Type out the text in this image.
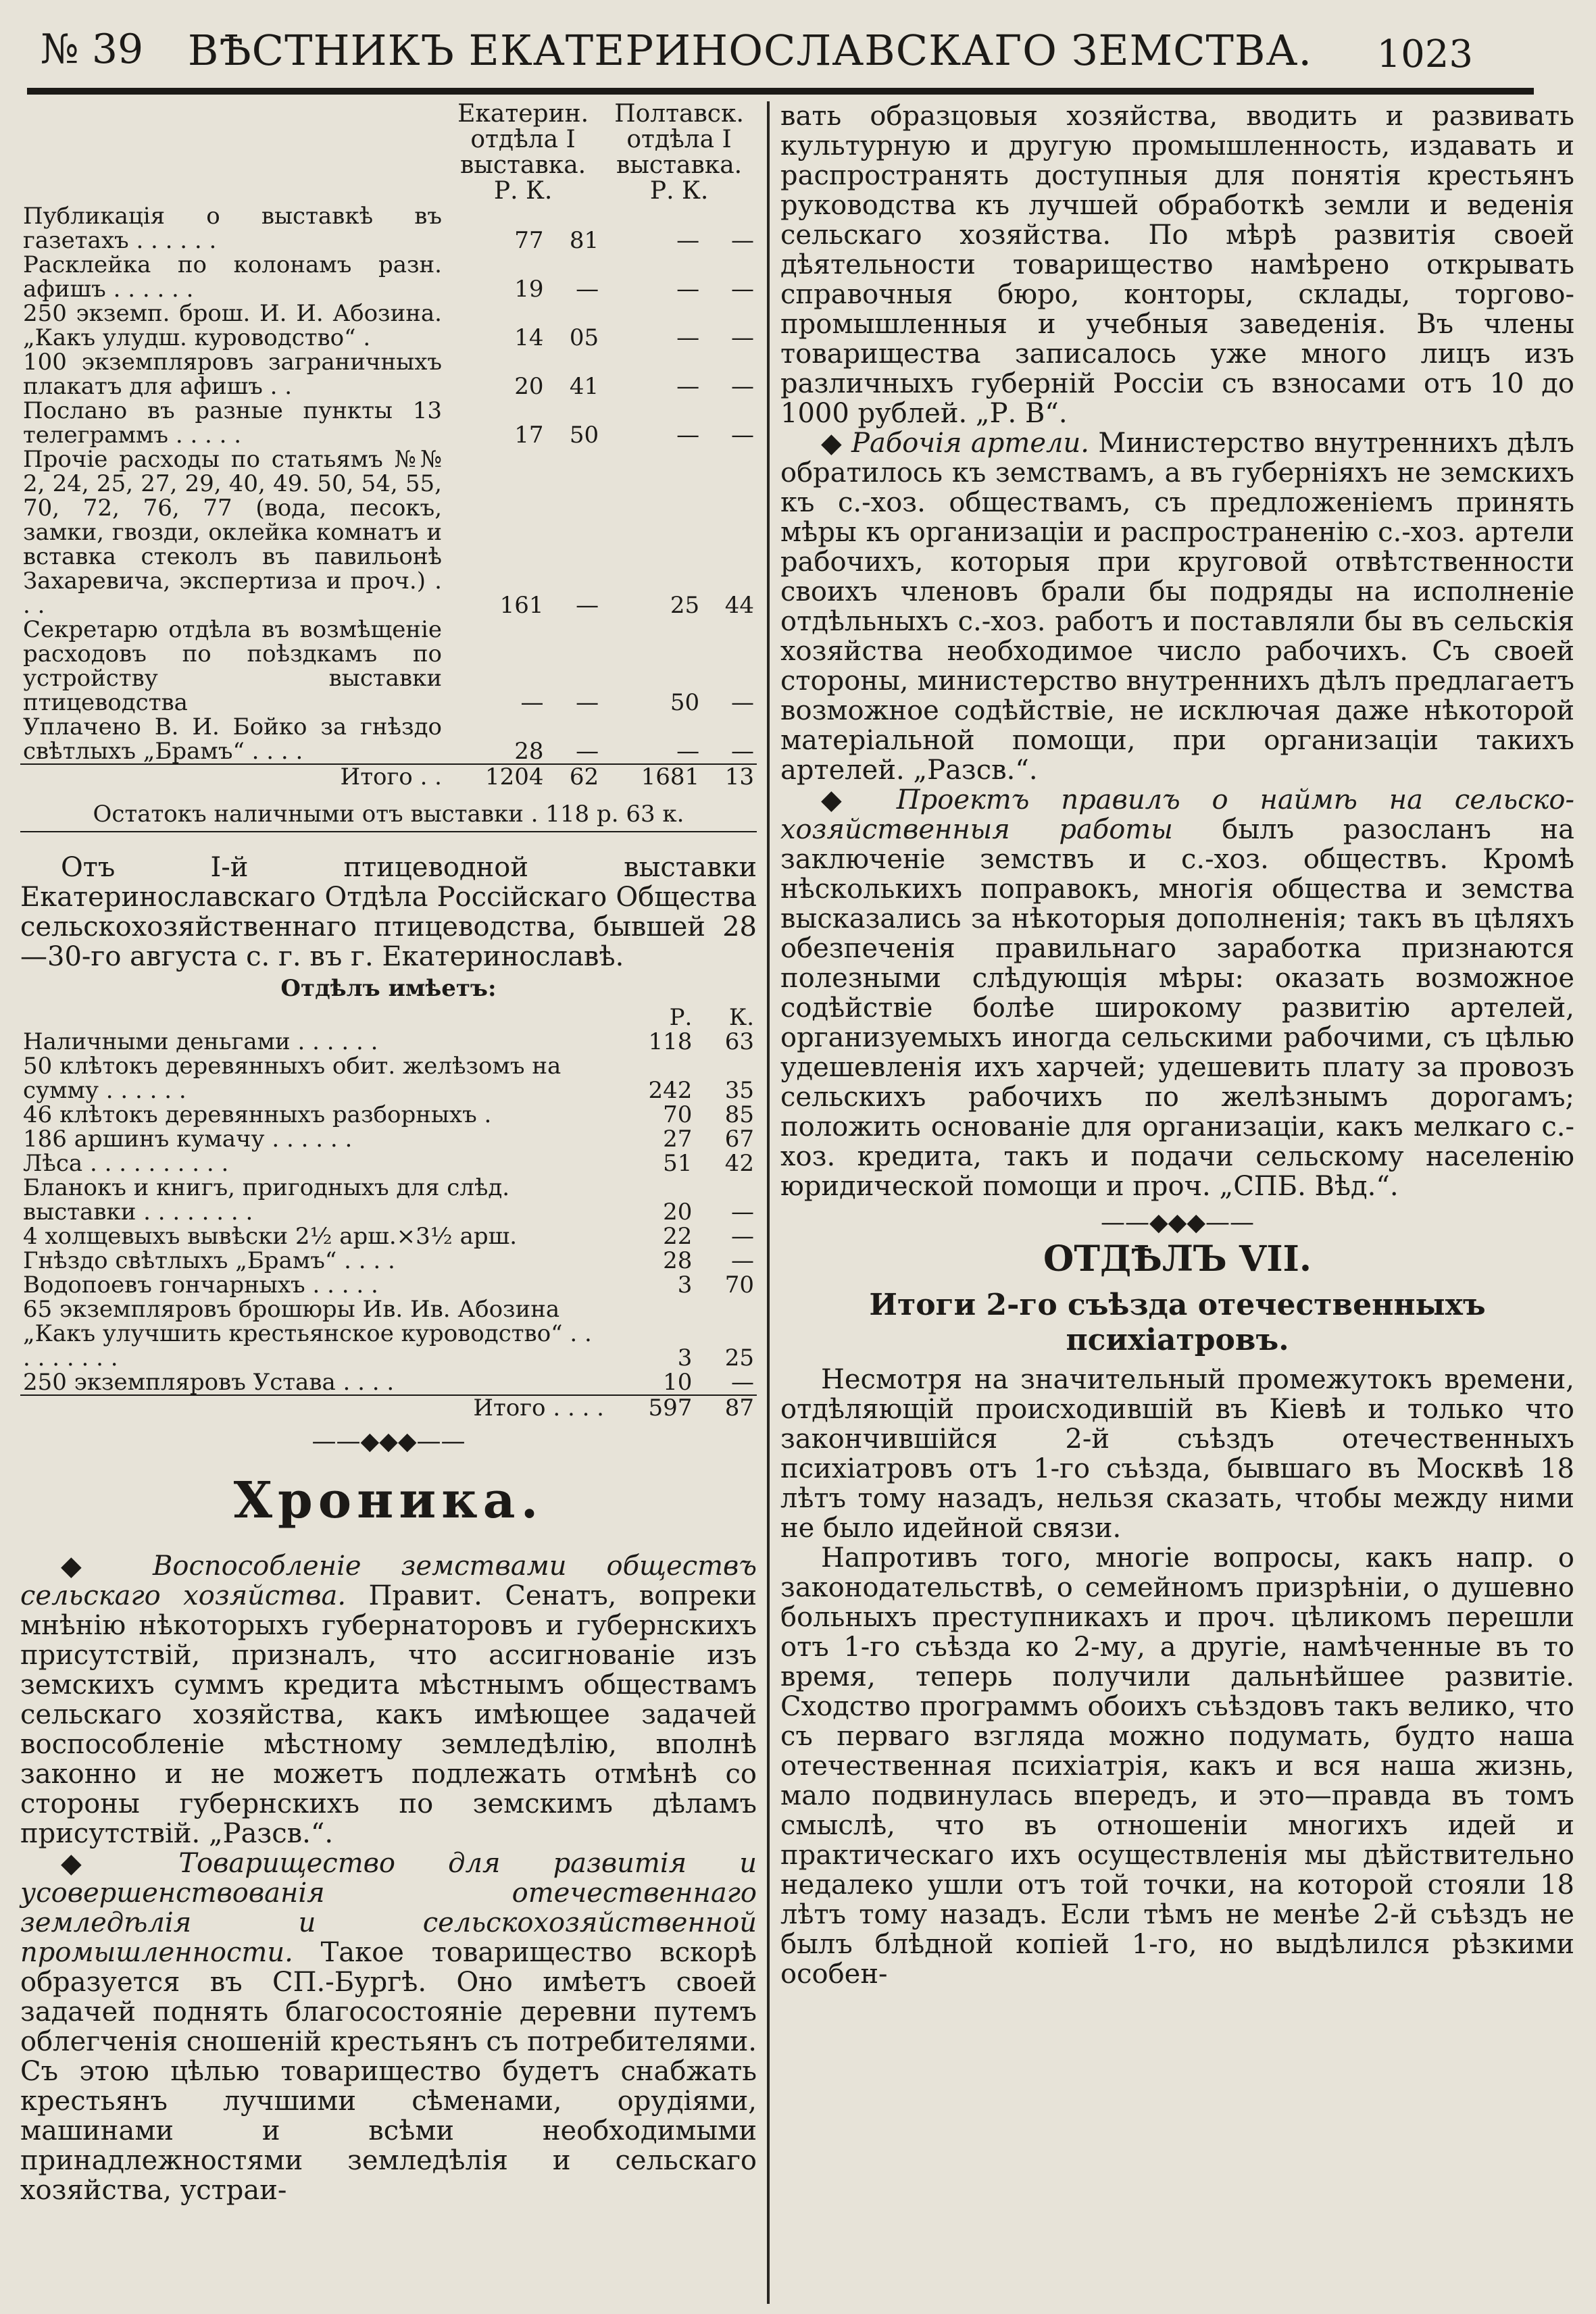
№ 39	ВѢСТНИКЪ ЕКАТЕРИНОСЛАВСКАГО ЗЕМСТВА.	1023
	Екатерин. отдѣла I выставка. Р. К.		Полтавск. отдѣла I выставка. Р. К.	
Публикація о выставкѣ въ газетахъ . . . . . .	77	81	—	—
Расклейка по колонамъ разн. афишъ . . . . . .	19	—	—	—
250 экземп. брош. И. И. Абозина. „Какъ улудш. куроводство“ .	14	05	—	—
100 экземпляровъ заграничныхъ плакатъ для афишъ . .	20	41	—	—
Послано въ разные пункты 13 телеграммъ . . . . .	17	50	—	—
Прочіе расходы по статьямъ №№ 2, 24, 25, 27, 29, 40, 49. 50, 54, 55, 70, 72, 76, 77 (вода, песокъ, замки, гвозди, оклейка комнатъ и вставка стеколъ въ павильонѣ Захаревича, экспертиза и проч.) . . .	161	—	25	44
Секретарю отдѣла въ возмѣщеніе расходовъ по поѣздкамъ по устройству выставки птицеводства	—	—	50	—
Уплачено В. И. Бойко за гнѣздо свѣтлыхъ „Брамъ“ . . . .	28	—	—	—
Итого . .	1204	62	1681	13

Остатокъ наличными отъ выставки . 118 р. 63 к.

Отъ І-й птицеводной выставки Екатеринославскаго Отдѣла Россійскаго Общества сельскохозяйственнаго птицеводства, бывшей 28—30-го августа с. г. въ г. Екатеринославѣ.

Отдѣлъ имѣетъ:

	Р.	К.
Наличными деньгами . . . . . .	118	63
50 клѣтокъ деревянныхъ обит. желѣзомъ на сумму . . . . . .	242	35
46 клѣтокъ деревянныхъ разборныхъ .	70	85
186 аршинъ кумачу . . . . . .	27	67
Лѣса . . . . . . . . . .	51	42
Бланокъ и книгъ, пригодныхъ для слѣд. выставки . . . . . . . .	20	—
4 холщевыхъ вывѣски 2½ арш.×3½ арш.	22	—
Гнѣздо свѣтлыхъ „Брамъ“ . . . .	28	—
Водопоевъ гончарныхъ . . . . .	3	70
65 экземпляровъ брошюры Ив. Ив. Абозина „Какъ улучшить крестьянское куроводство“ . . . . . . . . .	3	25
250 экземпляровъ Устава . . . .	10	—
Итого . . . .	597	87
——◆◆◆——
Хроника.

◆ Воспособленіе земствами обществъ сельскаго хозяйства. Правит. Сенатъ, вопреки мнѣнію нѣкоторыхъ губернаторовъ и губернскихъ присутствій, призналъ, что ассигнованіе изъ земскихъ суммъ кредита мѣстнымъ обществамъ сельскаго хозяйства, какъ имѣющее задачей воспособленіе мѣстному земледѣлію, вполнѣ законно и не можетъ подлежать отмѣнѣ со стороны губернскихъ по земскимъ дѣламъ присутствій. „Разсв.“.

◆ Товарищество для развитія и усовершенствованія отечественнаго земледѣлія и сельскохозяйственной промышленности. Такое товарищество вскорѣ образуется въ СП.-Бургѣ. Оно имѣетъ своей задачей поднять благосостояніе деревни путемъ облегченія сношеній крестьянъ съ потребителями. Съ этою цѣлью товарищество будетъ снабжать крестьянъ лучшими сѣменами, орудіями, машинами и всѣми необходимыми принадлежностями земледѣлія и сельскаго хозяйства, устраи-

вать образцовыя хозяйства, вводить и развивать культурную и другую промышленность, издавать и распространять доступныя для понятія крестьянъ руководства къ лучшей обработкѣ земли и веденія сельскаго хозяйства. По мѣрѣ развитія своей дѣятельности товарищество намѣрено открывать справочныя бюро, конторы, склады, торгово-промышленныя и учебныя заведенія. Въ члены товарищества записалось уже много лицъ изъ различныхъ губерній Россіи съ взносами отъ 10 до 1000 рублей. „Р. В“.

◆ Рабочія артели. Министерство внутреннихъ дѣлъ обратилось къ земствамъ, а въ губерніяхъ не земскихъ къ с.-хоз. обществамъ, съ предложеніемъ принять мѣры къ организаціи и распространенію с.-хоз. артели рабочихъ, которыя при круговой отвѣтственности своихъ членовъ брали бы подряды на исполненіе отдѣльныхъ с.-хоз. работъ и поставляли бы въ сельскія хозяйства необходимое число рабочихъ. Съ своей стороны, министерство внутреннихъ дѣлъ предлагаетъ возможное содѣйствіе, не исключая даже нѣкоторой матеріальной помощи, при организаціи такихъ артелей. „Разсв.“.

◆ Проектъ правилъ о наймѣ на сельско-хозяйственныя работы былъ разосланъ на заключеніе земствъ и с.-хоз. обществъ. Кромѣ нѣсколькихъ поправокъ, многія общества и земства высказались за нѣкоторыя дополненія; такъ въ цѣляхъ обезпеченія правильнаго заработка признаются полезными слѣдующія мѣры: оказать возможное содѣйствіе болѣе широкому развитію артелей, организуемыхъ иногда сельскими рабочими, съ цѣлью удешевленія ихъ харчей; удешевить плату за провозъ сельскихъ рабочихъ по желѣзнымъ дорогамъ; положить основаніе для организаціи, какъ мелкаго с.-хоз. кредита, такъ и подачи сельскому населенію юридической помощи и проч. „СПБ. Вѣд.“.

——◆◆◆——
ОТДѢЛЪ VII.
Итоги 2-го съѣзда отечественныхъ психіатровъ.

Несмотря на значительный промежутокъ времени, отдѣляющій происходившій въ Кіевѣ и только что закончившійся 2-й съѣздъ отечественныхъ психіатровъ отъ 1-го съѣзда, бывшаго въ Москвѣ 18 лѣтъ тому назадъ, нельзя сказать, чтобы между ними не было идейной связи.

Напротивъ того, многіе вопросы, какъ напр. о законодательствѣ, о семейномъ призрѣніи, о душевно больныхъ преступникахъ и проч. цѣликомъ перешли отъ 1-го съѣзда ко 2-му, а другіе, намѣченные въ то время, теперь получили дальнѣйшее развитіе. Сходство программъ обоихъ съѣздовъ такъ велико, что съ перваго взгляда можно подумать, будто наша отечественная психіатрія, какъ и вся наша жизнь, мало подвинулась впередъ, и это—правда въ томъ смыслѣ, что въ отношеніи многихъ идей и практическаго ихъ осуществленія мы дѣйствительно недалеко ушли отъ той точки, на которой стояли 18 лѣтъ тому назадъ. Если тѣмъ не менѣе 2-й съѣздъ не былъ блѣдной копіей 1-го, но выдѣлился рѣзкими особен-
